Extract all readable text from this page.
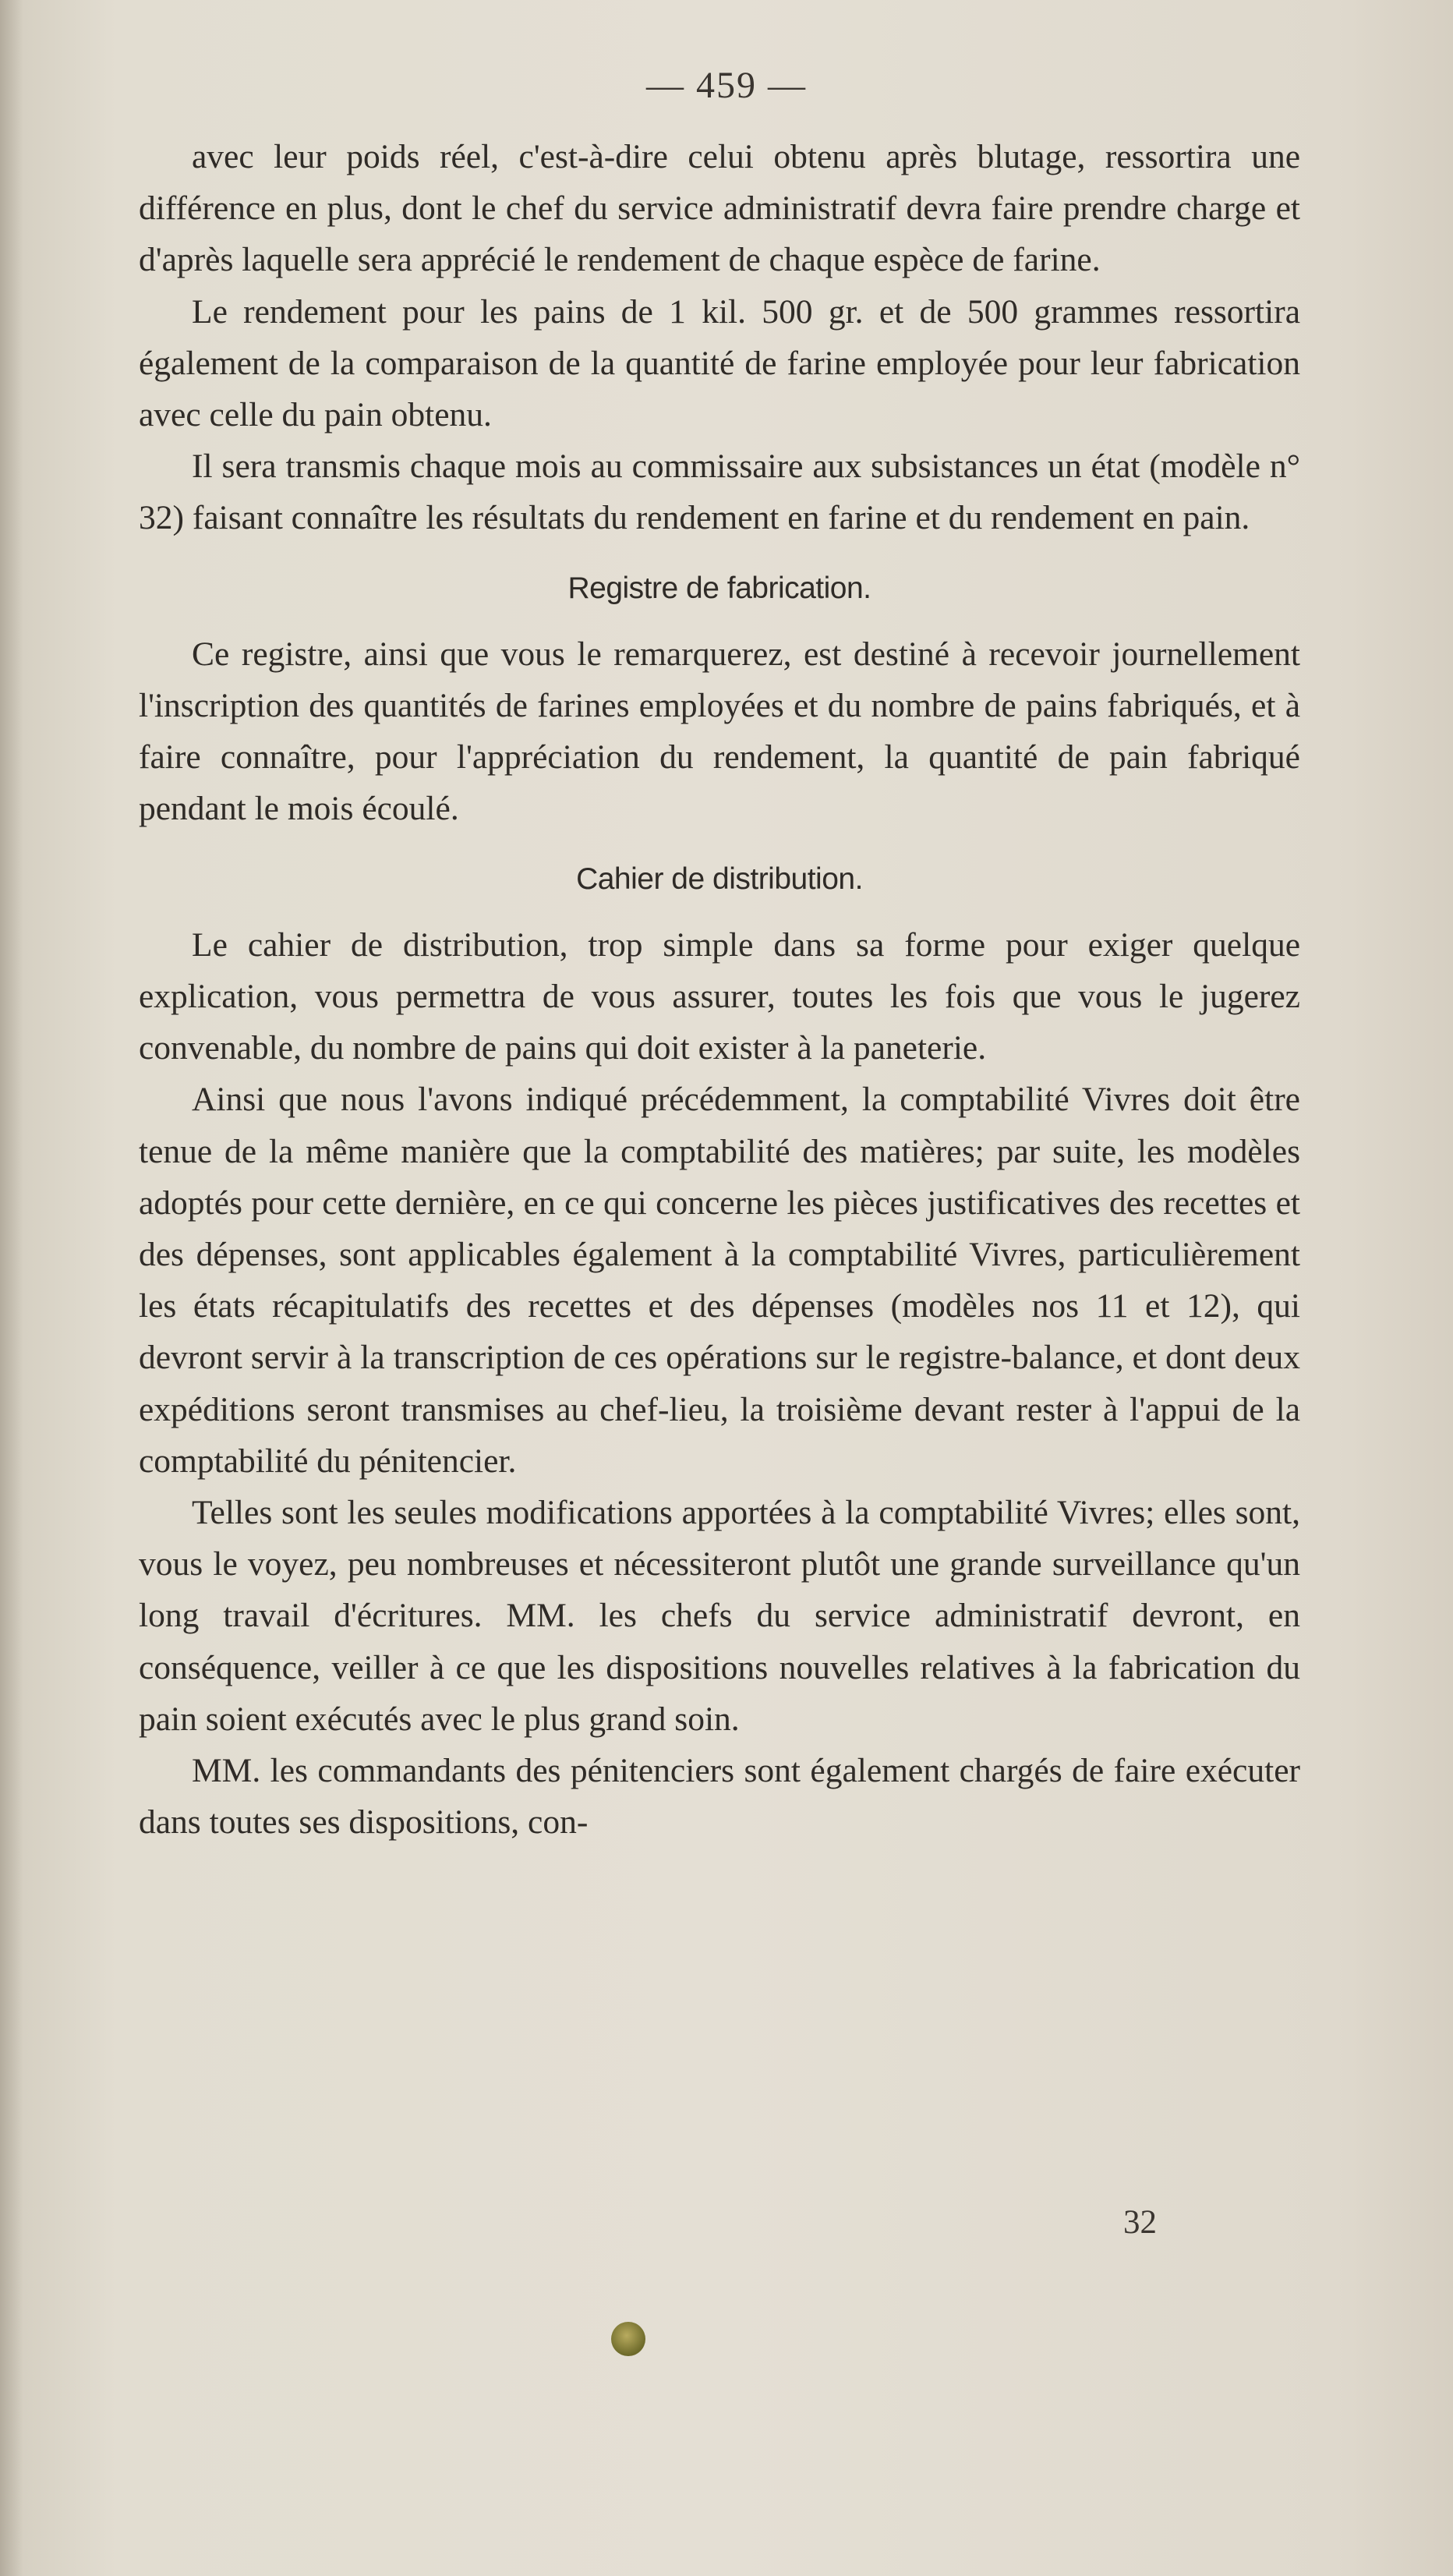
— 459 —

avec leur poids réel, c'est-à-dire celui obtenu après blutage, ressortira une différence en plus, dont le chef du service administratif devra faire prendre charge et d'après laquelle sera apprécié le rendement de chaque espèce de farine.

Le rendement pour les pains de 1 kil. 500 gr. et de 500 grammes ressortira également de la comparaison de la quantité de farine employée pour leur fabrication avec celle du pain obtenu.

Il sera transmis chaque mois au commissaire aux subsistances un état (modèle n° 32) faisant connaître les résultats du rendement en farine et du rendement en pain.

Registre de fabrication.

Ce registre, ainsi que vous le remarquerez, est destiné à recevoir journellement l'inscription des quantités de farines employées et du nombre de pains fabriqués, et à faire connaître, pour l'appréciation du rendement, la quantité de pain fabriqué pendant le mois écoulé.

Cahier de distribution.

Le cahier de distribution, trop simple dans sa forme pour exiger quelque explication, vous permettra de vous assurer, toutes les fois que vous le jugerez convenable, du nombre de pains qui doit exister à la paneterie.

Ainsi que nous l'avons indiqué précédemment, la comptabilité Vivres doit être tenue de la même manière que la comptabilité des matières; par suite, les modèles adoptés pour cette dernière, en ce qui concerne les pièces justificatives des recettes et des dépenses, sont applicables également à la comptabilité Vivres, particulièrement les états récapitulatifs des recettes et des dépenses (modèles nos 11 et 12), qui devront servir à la transcription de ces opérations sur le registre-balance, et dont deux expéditions seront transmises au chef-lieu, la troisième devant rester à l'appui de la comptabilité du pénitencier.

Telles sont les seules modifications apportées à la comptabilité Vivres; elles sont, vous le voyez, peu nombreuses et nécessiteront plutôt une grande surveillance qu'un long travail d'écritures. MM. les chefs du service administratif devront, en conséquence, veiller à ce que les dispositions nouvelles relatives à la fabrication du pain soient exécutés avec le plus grand soin.

MM. les commandants des pénitenciers sont également chargés de faire exécuter dans toutes ses dispositions, con-

32
